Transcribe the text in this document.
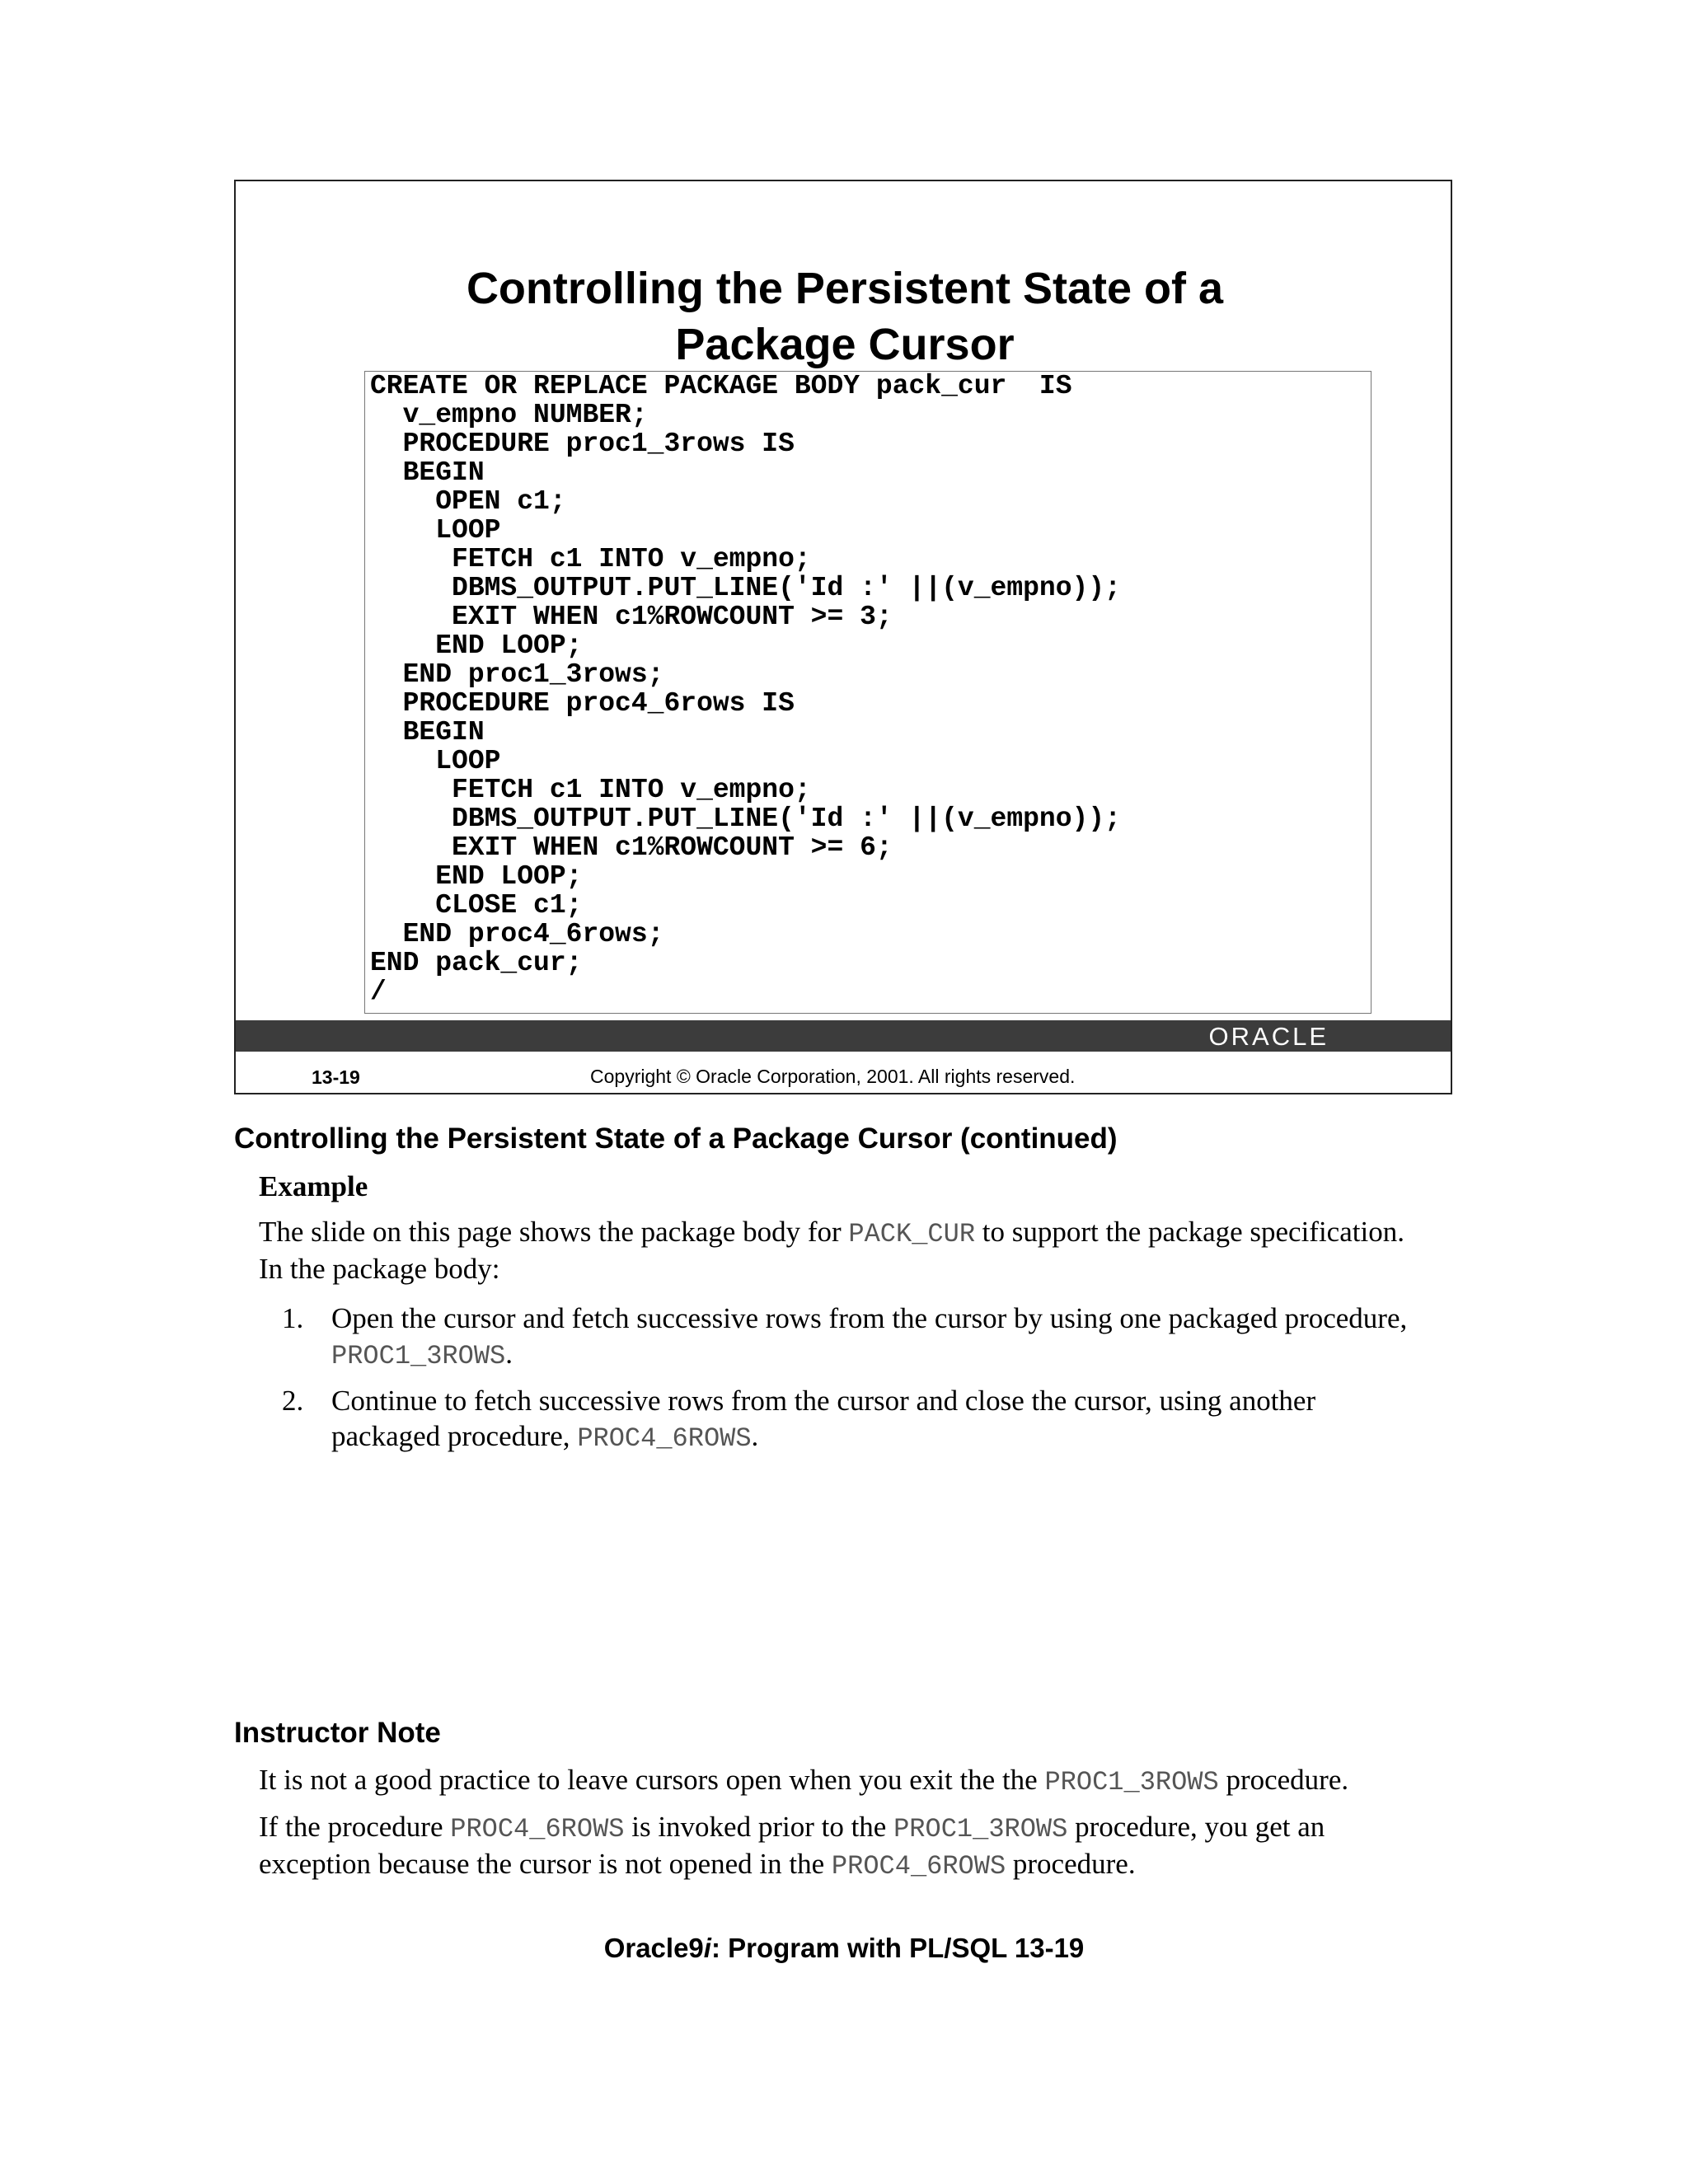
Controlling the Persistent State of a
Package Cursor
CREATE OR REPLACE PACKAGE BODY pack_cur  IS
v_empno NUMBER;
PROCEDURE proc1_3rows IS
BEGIN
OPEN c1;
LOOP
FETCH c1 INTO v_empno;
DBMS_OUTPUT.PUT_LINE('Id :' ||(v_empno));
EXIT WHEN c1%ROWCOUNT >= 3;
END LOOP;
END proc1_3rows;
PROCEDURE proc4_6rows IS
BEGIN
LOOP
FETCH c1 INTO v_empno;
DBMS_OUTPUT.PUT_LINE('Id :' ||(v_empno));
EXIT WHEN c1%ROWCOUNT >= 6;
END LOOP;
CLOSE c1;
END proc4_6rows;
END pack_cur;
/
ORACLE
13-19	Copyright © Oracle Corporation, 2001. All rights reserved.
Controlling the Persistent State of a Package Cursor (continued)
Example
The slide on this page shows the package body for PACK_CUR to support the package specification.
In the package body:
1. Open the cursor and fetch successive rows from the cursor by using one packaged procedure,
PROC1_3ROWS.
2. Continue to fetch successive rows from the cursor and close the cursor, using another
packaged procedure, PROC4_6ROWS.
Instructor Note
It is not a good practice to leave cursors open when you exit the the PROC1_3ROWS procedure.
If the procedure PROC4_6ROWS is invoked prior to the PROC1_3ROWS procedure, you get an
exception because the cursor is not opened in the PROC4_6ROWS procedure.
Oracle9i: Program with PL/SQL 13-19
